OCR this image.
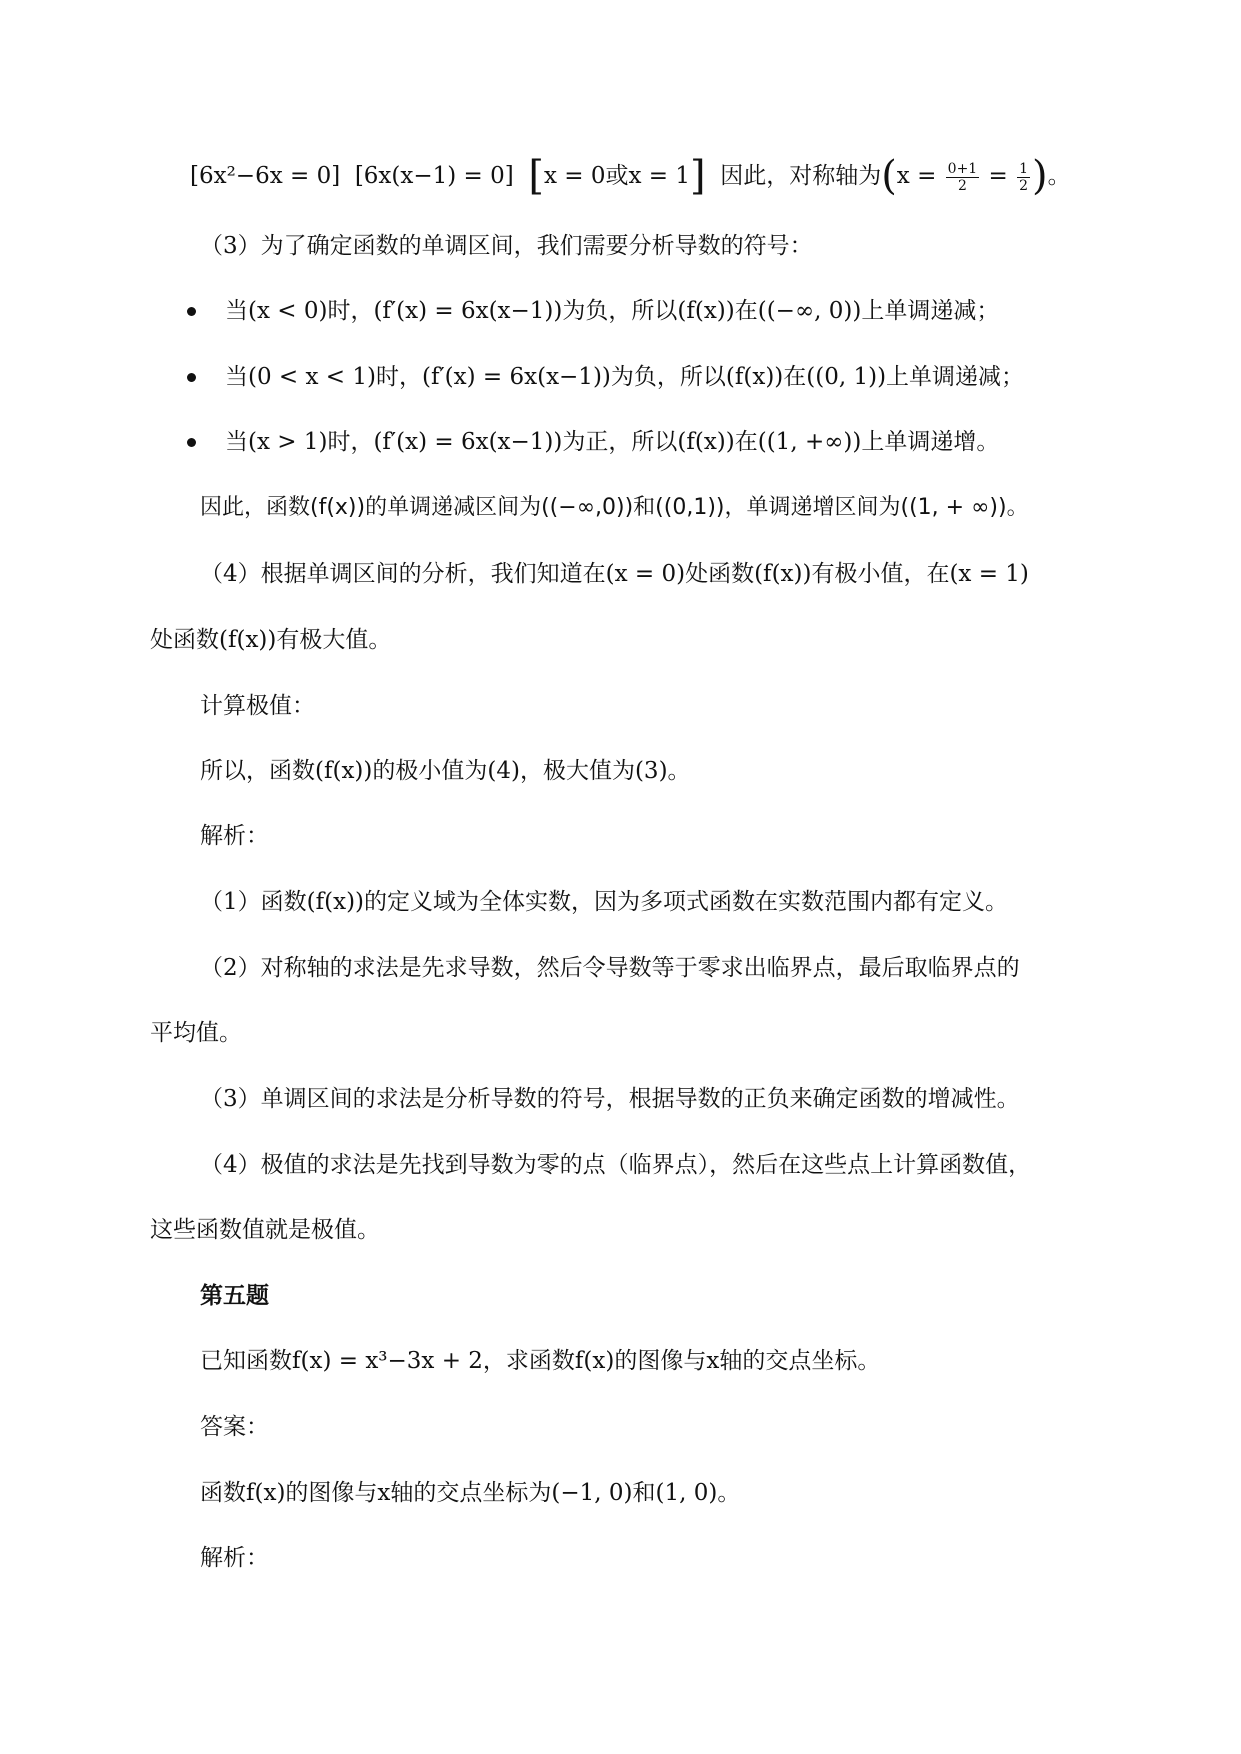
[6x²−6x = 0] [6x(x−1) = 0] [x = 0或x = 1] 因此，对称轴为($x = \frac{0+1}{2} = \frac{1}{2}$ )。
（3）为了确定函数的单调区间，我们需要分析导数的符号：
当(x < 0)时，(f′(x) = 6x(x−1))为负，所以(f(x))在((−∞, 0))上单调递减；
当(0 < x < 1)时，(f′(x) = 6x(x−1))为负，所以(f(x))在((0, 1))上单调递减；
当(x > 1)时，(f′(x) = 6x(x−1))为正，所以(f(x))在((1, +∞))上单调递增。
因此，函数(f(x))的单调递减区间为((−∞,0))和((0,1))，单调递增区间为((1, + ∞))。
（4）根据单调区间的分析，我们知道在(x = 0)处函数(f(x))有极小值，在(x = 1)
处函数(f(x))有极大值。
计算极值：
所以，函数(f(x))的极小值为(4)，极大值为(3)。
解析：
（1）函数(f(x))的定义域为全体实数，因为多项式函数在实数范围内都有定义。
（2）对称轴的求法是先求导数，然后令导数等于零求出临界点，最后取临界点的
平均值。
（3）单调区间的求法是分析导数的符号，根据导数的正负来确定函数的增减性。
（4）极值的求法是先找到导数为零的点（临界点），然后在这些点上计算函数值，
这些函数值就是极值。
第五题
已知函数f(x) = x³−3x + 2，求函数f(x)的图像与x轴的交点坐标。
答案：
函数f(x)的图像与x轴的交点坐标为(−1, 0)和(1, 0)。
解析：
